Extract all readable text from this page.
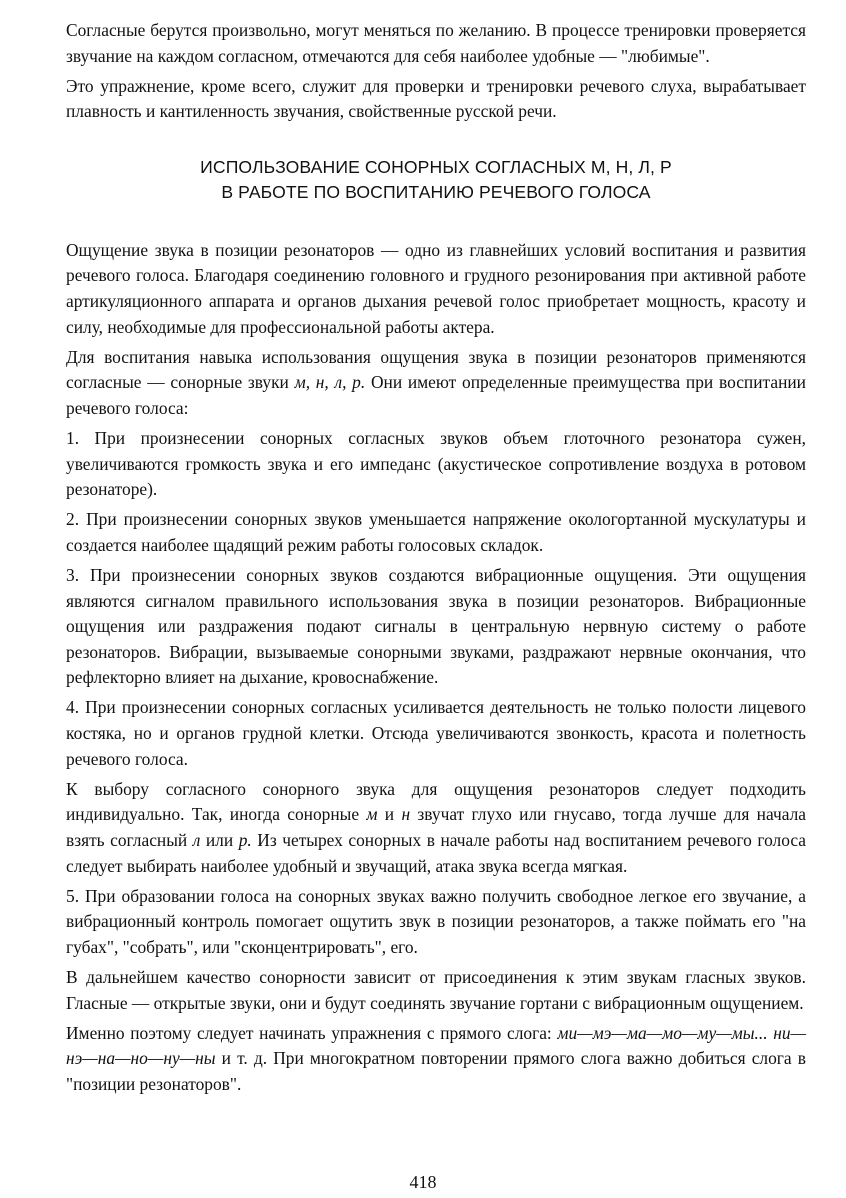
Согласные берутся произвольно, могут меняться по желанию. В процессе тренировки проверяется звучание на каждом согласном, отмечаются для себя наиболее удобные — "любимые".

Это упражнение, кроме всего, служит для проверки и тренировки речевого слуха, вырабатывает плавность и кантиленность звучания, свойственные русской речи.

ИСПОЛЬЗОВАНИЕ СОНОРНЫХ СОГЛАСНЫХ М, Н, Л, Р
В РАБОТЕ ПО ВОСПИТАНИЮ РЕЧЕВОГО ГОЛОСА

Ощущение звука в позиции резонаторов — одно из главнейших условий воспитания и развития речевого голоса. Благодаря соединению головного и грудного резонирования при активной работе артикуляционного аппарата и органов дыхания речевой голос приобретает мощность, красоту и силу, необходимые для профессиональной работы актера.

Для воспитания навыка использования ощущения звука в позиции резонаторов применяются согласные — сонорные звуки м, н, л, р. Они имеют определенные преимущества при воспитании речевого голоса:

1. При произнесении сонорных согласных звуков объем глоточного резонатора сужен, увеличиваются громкость звука и его импеданс (акустическое сопротивление воздуха в ротовом резонаторе).

2. При произнесении сонорных звуков уменьшается напряжение окологортанной мускулатуры и создается наиболее щадящий режим работы голосовых складок.

3. При произнесении сонорных звуков создаются вибрационные ощущения. Эти ощущения являются сигналом правильного использования звука в позиции резонаторов. Вибрационные ощущения или раздражения подают сигналы в центральную нервную систему о работе резонаторов. Вибрации, вызываемые сонорными звуками, раздражают нервные окончания, что рефлекторно влияет на дыхание, кровоснабжение.

4. При произнесении сонорных согласных усиливается деятельность не только полости лицевого костяка, но и органов грудной клетки. Отсюда увеличиваются звонкость, красота и полетность речевого голоса.

К выбору согласного сонорного звука для ощущения резонаторов следует подходить индивидуально. Так, иногда сонорные м и н звучат глухо или гнусаво, тогда лучше для начала взять согласный л или р. Из четырех сонорных в начале работы над воспитанием речевого голоса следует выбирать наиболее удобный и звучащий, атака звука всегда мягкая.

5. При образовании голоса на сонорных звуках важно получить свободное легкое его звучание, а вибрационный контроль помогает ощутить звук в позиции резонаторов, а также поймать его "на губах", "собрать", или "сконцентрировать", его.

В дальнейшем качество сонорности зависит от присоединения к этим звукам гласных звуков. Гласные — открытые звуки, они и будут соединять звучание гортани с вибрационным ощущением.

Именно поэтому следует начинать упражнения с прямого слога: ми—мэ—ма—мо—му—мы... ни—нэ—на—но—ну—ны и т. д. При многократном повторении прямого слога важно добиться слога в "позиции резонаторов".

418
